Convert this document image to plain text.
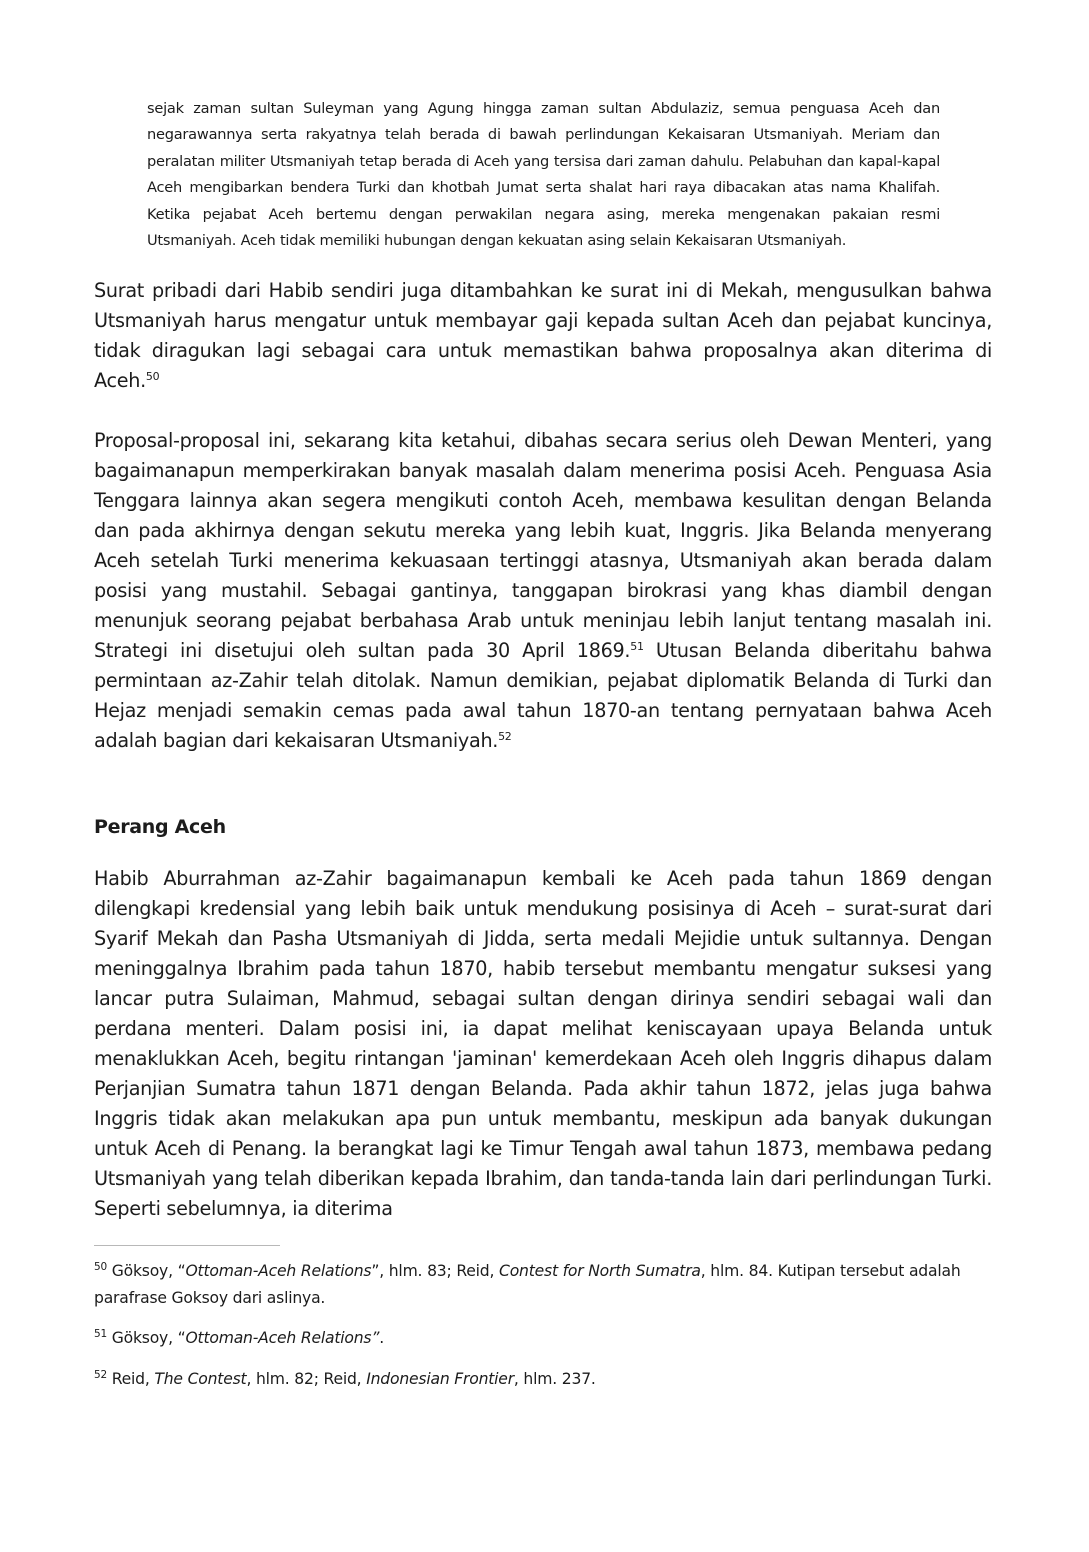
sejak zaman sultan Suleyman yang Agung hingga zaman sultan Abdulaziz, semua penguasa Aceh dan negarawannya serta rakyatnya telah berada di bawah perlindungan Kekaisaran Utsmaniyah. Meriam dan peralatan militer Utsmaniyah tetap berada di Aceh yang tersisa dari zaman dahulu. Pelabuhan dan kapal-kapal Aceh mengibarkan bendera Turki dan khotbah Jumat serta shalat hari raya dibacakan atas nama Khalifah. Ketika pejabat Aceh bertemu dengan perwakilan negara asing, mereka mengenakan pakaian resmi Utsmaniyah. Aceh tidak memiliki hubungan dengan kekuatan asing selain Kekaisaran Utsmaniyah.

Surat pribadi dari Habib sendiri juga ditambahkan ke surat ini di Mekah, mengusulkan bahwa Utsmaniyah harus mengatur untuk membayar gaji kepada sultan Aceh dan pejabat kuncinya, tidak diragukan lagi sebagai cara untuk memastikan bahwa proposalnya akan diterima di Aceh.$^{50}$

Proposal-proposal ini, sekarang kita ketahui, dibahas secara serius oleh Dewan Menteri, yang bagaimanapun memperkirakan banyak masalah dalam menerima posisi Aceh. Penguasa Asia Tenggara lainnya akan segera mengikuti contoh Aceh, membawa kesulitan dengan Belanda dan pada akhirnya dengan sekutu mereka yang lebih kuat, Inggris. Jika Belanda menyerang Aceh setelah Turki menerima kekuasaan tertinggi atasnya, Utsmaniyah akan berada dalam posisi yang mustahil. Sebagai gantinya, tanggapan birokrasi yang khas diambil dengan menunjuk seorang pejabat berbahasa Arab untuk meninjau lebih lanjut tentang masalah ini. Strategi ini disetujui oleh sultan pada 30 April 1869.51 Utusan Belanda diberitahu bahwa permintaan az-Zahir telah ditolak. Namun demikian, pejabat diplomatik Belanda di Turki dan Hejaz menjadi semakin cemas pada awal tahun 1870-an tentang pernyataan bahwa Aceh adalah bagian dari kekaisaran Utsmaniyah.$^{52}$

Perang Aceh

Habib Aburrahman az-Zahir bagaimanapun kembali ke Aceh pada tahun 1869 dengan dilengkapi kredensial yang lebih baik untuk mendukung posisinya di Aceh – surat-surat dari Syarif Mekah dan Pasha Utsmaniyah di Jidda, serta medali Mejidie untuk sultannya. Dengan meninggalnya Ibrahim pada tahun 1870, habib tersebut membantu mengatur suksesi yang lancar putra Sulaiman, Mahmud, sebagai sultan dengan dirinya sendiri sebagai wali dan perdana menteri. Dalam posisi ini, ia dapat melihat keniscayaan upaya Belanda untuk menaklukkan Aceh, begitu rintangan 'jaminan' kemerdekaan Aceh oleh Inggris dihapus dalam Perjanjian Sumatra tahun 1871 dengan Belanda. Pada akhir tahun 1872, jelas juga bahwa Inggris tidak akan melakukan apa pun untuk membantu, meskipun ada banyak dukungan untuk Aceh di Penang. Ia berangkat lagi ke Timur Tengah awal tahun 1873, membawa pedang Utsmaniyah yang telah diberikan kepada Ibrahim, dan tanda-tanda lain dari perlindungan Turki. Seperti sebelumnya, ia diterima

$^{50}$ Göksoy, “Ottoman-Aceh Relations”, hlm. 83; Reid, Contest for North Sumatra, hlm. 84. Kutipan tersebut adalah parafrase Goksoy dari aslinya.

$^{51}$ Göksoy, “Ottoman-Aceh Relations”.

$^{52}$ Reid, The Contest, hlm. 82; Reid, Indonesian Frontier, hlm. 237.
